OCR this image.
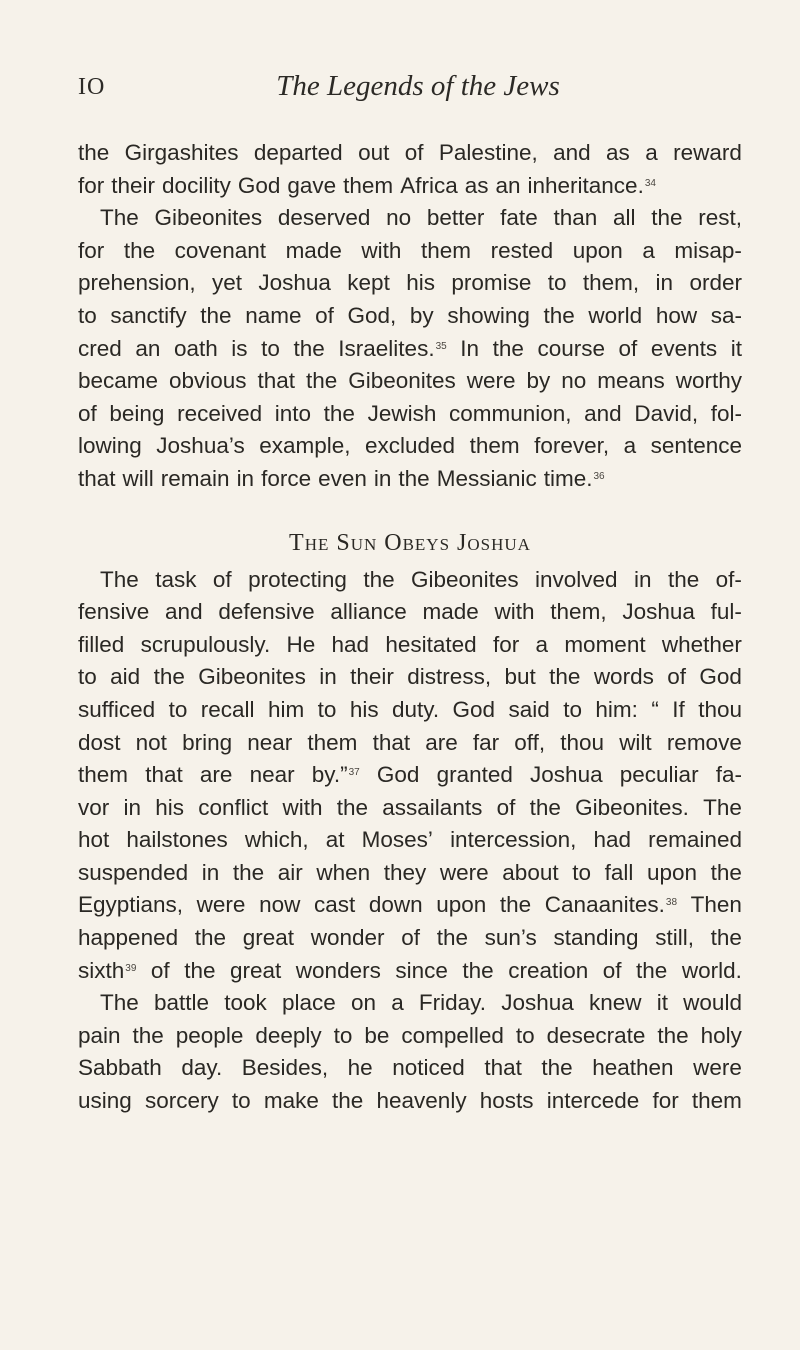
IO	The Legends of the Jews
the Girgashites departed out of Palestine, and as a reward
for their docility God gave them Africa as an inheritance.$^{34}$
The Gibeonites deserved no better fate than all the rest,
for the covenant made with them rested upon a misap-
prehension, yet Joshua kept his promise to them, in order
to sanctify the name of God, by showing the world how sa-
cred an oath is to the Israelites.$^{35}$ In the course of events it
became obvious that the Gibeonites were by no means worthy
of being received into the Jewish communion, and David, fol-
lowing Joshua’s example, excluded them forever, a sentence
that will remain in force even in the Messianic time.$^{36}$
The Sun Obeys Joshua
The task of protecting the Gibeonites involved in the of-
fensive and defensive alliance made with them, Joshua ful-
filled scrupulously. He had hesitated for a moment whether
to aid the Gibeonites in their distress, but the words of God
sufficed to recall him to his duty. God said to him: “ If thou
dost not bring near them that are far off, thou wilt remove
them that are near by.”$^{37}$ God granted Joshua peculiar fa-
vor in his conflict with the assailants of the Gibeonites. The
hot hailstones which, at Moses’ intercession, had remained
suspended in the air when they were about to fall upon the
Egyptians, were now cast down upon the Canaanites.$^{38}$ Then
happened the great wonder of the sun’s standing still, the
sixth$^{39}$ of the great wonders since the creation of the world.
The battle took place on a Friday. Joshua knew it would
pain the people deeply to be compelled to desecrate the holy
Sabbath day. Besides, he noticed that the heathen were
using sorcery to make the heavenly hosts intercede for them
